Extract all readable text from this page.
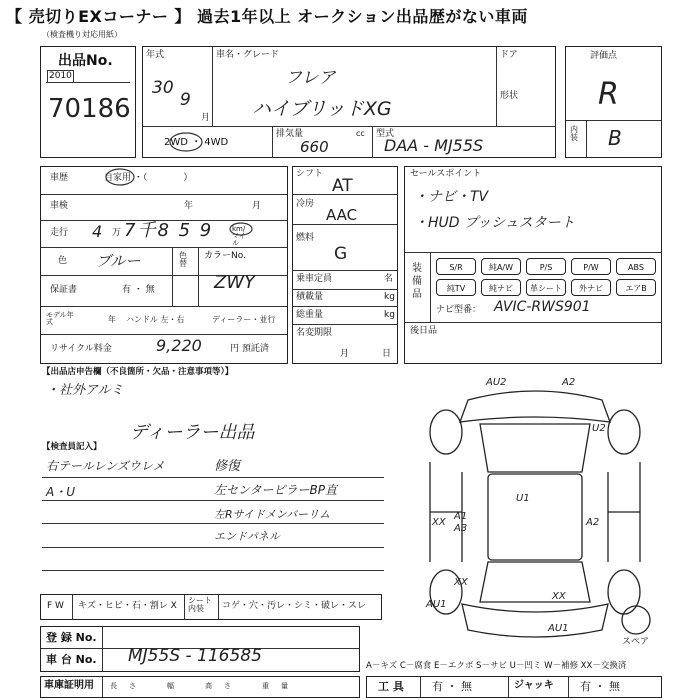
【 売切りEXコーナー 】 過去1年以上 オークション出品歴がない車両
（検査機り対応用紙）
出品No.
2010
70186
年式
30
9
月
車名・グレード
フレア
ハイブリッドXG
ドア
形状
2WD ・ 4WD
排気量	cc
660
型式
DAA - MJ55S
評価点
R
内装 B
車歴	自家用 ・（　　　　）
車検	年	月
走行 4 万 7千8 5 9	km/マイル
色 ブルー	色替
カラーNo.
ZWY
保証書	有 ・ 無
モデル年式	年 ハンドル 左・右	ディーラー・並行
リサイクル料金	9,220	円 預託済
シフト
AT
冷房
AAC
燃料
G
乗車定員	名
積載量	kg
総重量	kg
名変期限
月	日
セールスポイント
・ナビ・TV
・HUD プッシュスタート
装備品
S/R	純A/W	P/S	P/W	ABS
純TV	純ナビ	革シート	外ナビ	エアB
ナビ型番： AVIC-RWS901
後日品
【出品店申告欄（不良箇所・欠品・注意事項等）】
・社外アルミ
【検査員記入】
ディーラー出品
右テールレンズウレメ	修復
A・U	左センターピラーBP直
左Rサイドメンバーリム
エンドパネル
F W キズ・ヒビ・石・割レ X
シート内装	コゲ・穴・汚レ・シミ・破レ・スレ
登 録 No.
車 台 No. MJ55S - 116585
車庫証明用 長さ　幅　高さ　重量
A－キズ C－腐食 E－エクボ S－サビ U－凹ミ W－補修 XX－交換済
工 具	有 ・ 無	ジャッキ 有 ・ 無
AU2	A2
U2
U1
A2
A1
A3
XX
XX
AU1
AU1
XX
スペア
